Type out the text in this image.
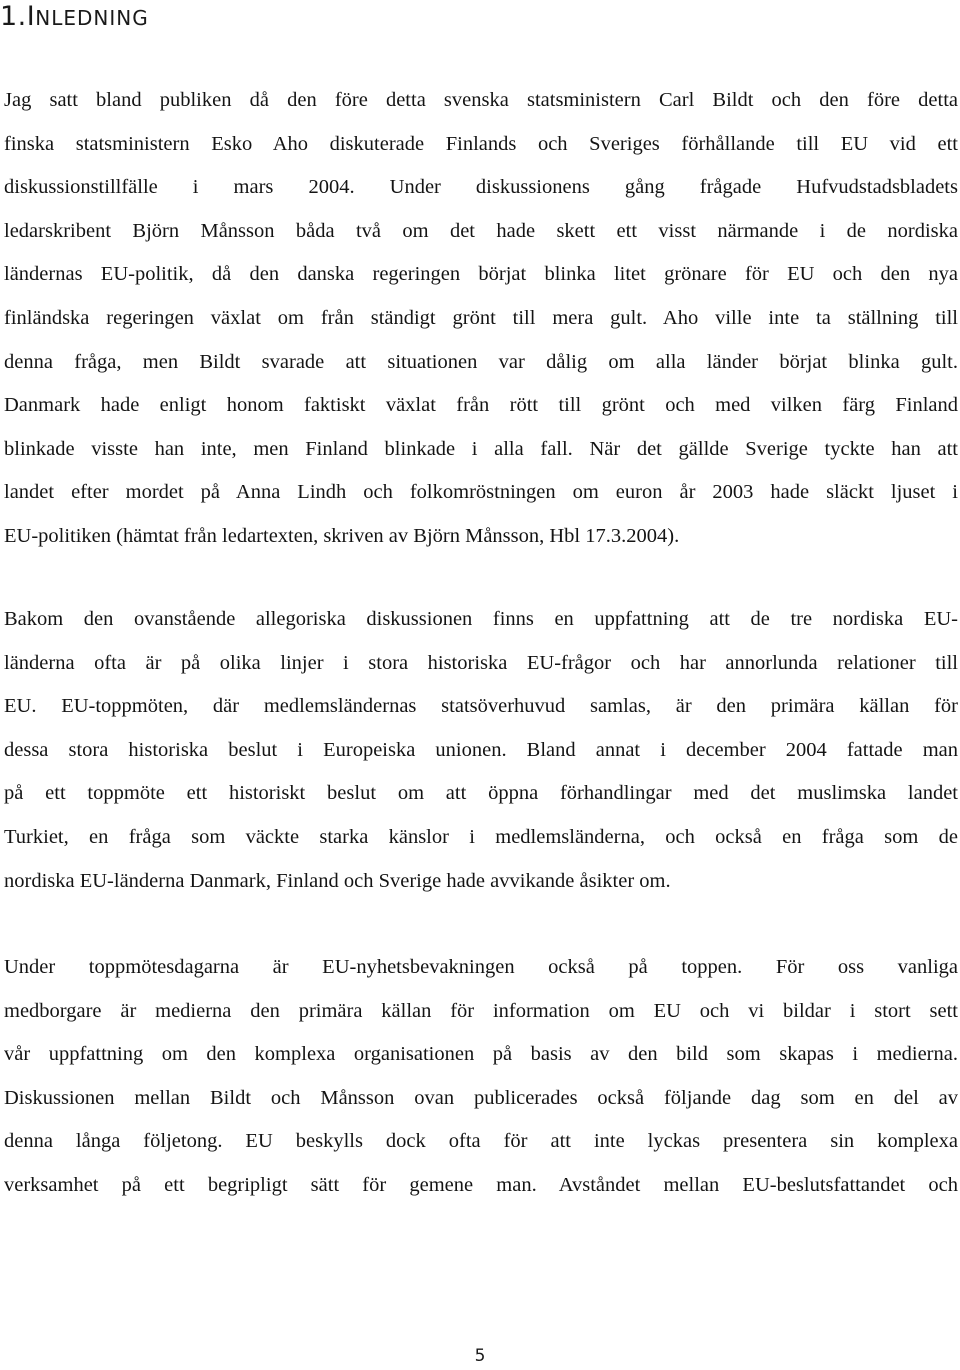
1.INLEDNING

Jag satt bland publiken då den före detta svenska statsministern Carl Bildt och den före detta
finska statsministern Esko Aho diskuterade Finlands och Sveriges förhållande till EU vid ett
diskussionstillfälle i mars 2004. Under diskussionens gång frågade Hufvudstadsbladets
ledarskribent Björn Månsson båda två om det hade skett ett visst närmande i de nordiska
ländernas EU-politik, då den danska regeringen börjat blinka litet grönare för EU och den nya
finländska regeringen växlat om från ständigt grönt till mera gult. Aho ville inte ta ställning till
denna fråga, men Bildt svarade att situationen var dålig om alla länder börjat blinka gult.
Danmark hade enligt honom faktiskt växlat från rött till grönt och med vilken färg Finland
blinkade visste han inte, men Finland blinkade i alla fall. När det gällde Sverige tyckte han att
landet efter mordet på Anna Lindh och folkomröstningen om euron år 2003 hade släckt ljuset i
EU-politiken (hämtat från ledartexten, skriven av Björn Månsson, Hbl 17.3.2004).

Bakom den ovanstående allegoriska diskussionen finns en uppfattning att de tre nordiska EU-
länderna ofta är på olika linjer i stora historiska EU-frågor och har annorlunda relationer till
EU. EU-toppmöten, där medlemsländernas statsöverhuvud samlas, är den primära källan för
dessa stora historiska beslut i Europeiska unionen. Bland annat i december 2004 fattade man
på ett toppmöte ett historiskt beslut om att öppna förhandlingar med det muslimska landet
Turkiet, en fråga som väckte starka känslor i medlemsländerna, och också en fråga som de
nordiska EU-länderna Danmark, Finland och Sverige hade avvikande åsikter om.

Under toppmötesdagarna är EU-nyhetsbevakningen också på toppen. För oss vanliga
medborgare är medierna den primära källan för information om EU och vi bildar i stort sett
vår uppfattning om den komplexa organisationen på basis av den bild som skapas i medierna.
Diskussionen mellan Bildt och Månsson ovan publicerades också följande dag som en del av
denna långa följetong. EU beskylls dock ofta för att inte lyckas presentera sin komplexa
verksamhet på ett begripligt sätt för gemene man. Avståndet mellan EU-beslutsfattandet och

5
